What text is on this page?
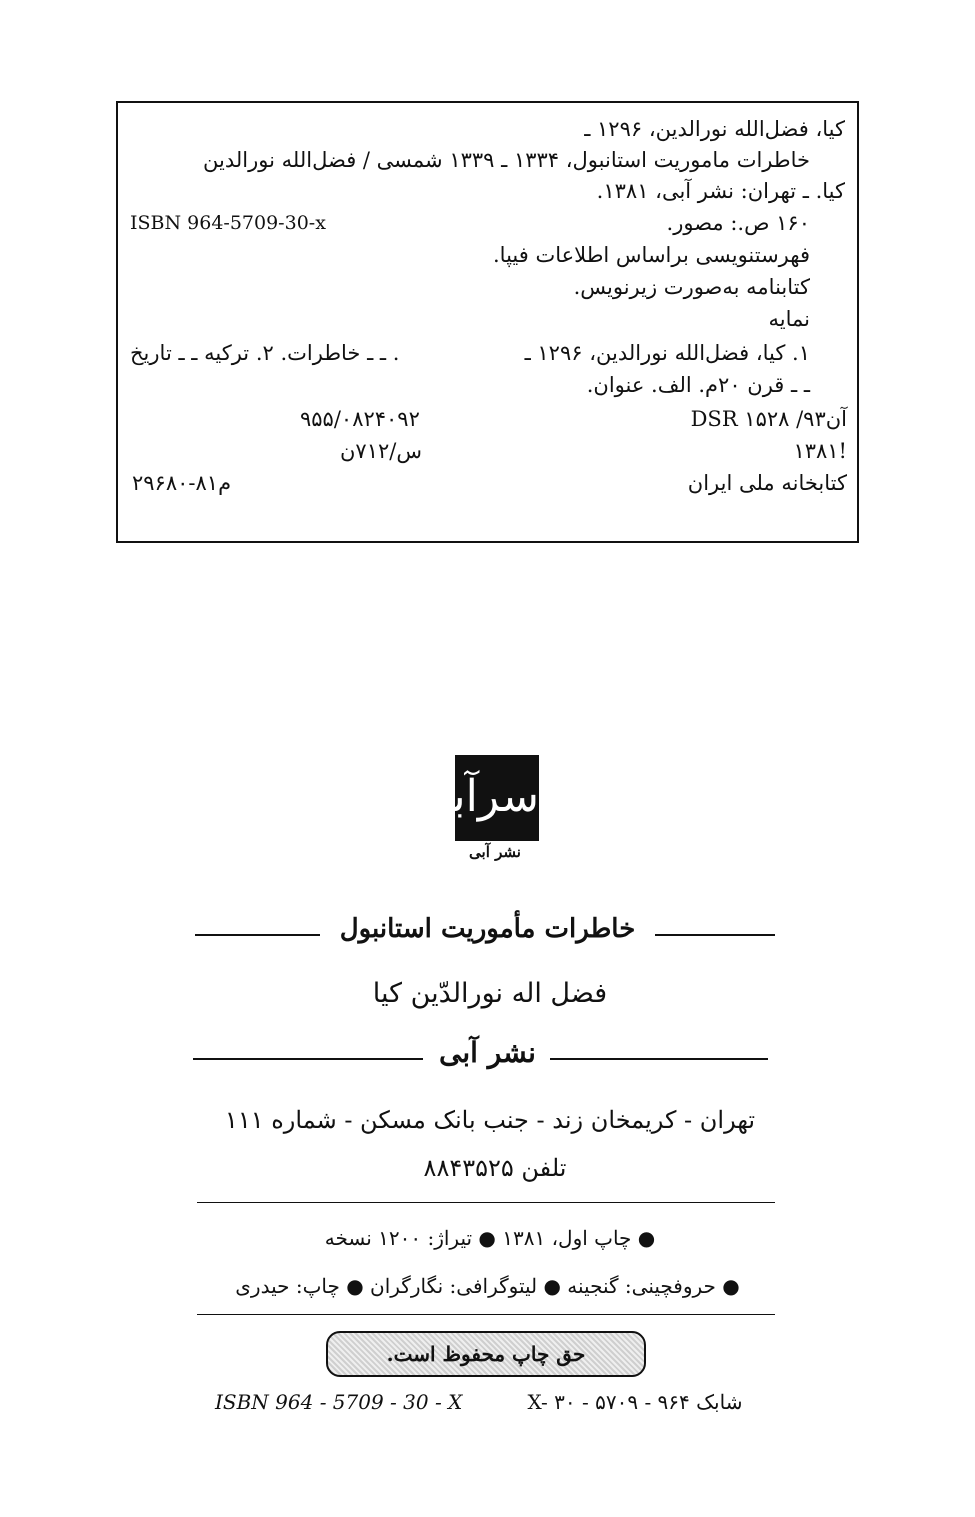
کیا، فضل‌الله نورالدین، ۱۲۹۶ ـ
خاطرات ماموریت استانبول، ۱۳۳۴ ـ ۱۳۳۹ شمسی / فضل‌الله نورالدین
کیا. ـ تهران: نشر آبی، ۱۳۸۱.
ISBN 964-5709-30-x	۱۶۰ ص.: مصور.
فهرستنویسی براساس اطلاعات فیپا.
کتابنامه به‌صورت زیرنویس.
نمایه
۱. کیا، فضل‌الله نورالدین، ۱۲۹۶ ـ
. ـ ـ خاطرات. ۲. ترکیه ـ ـ تاریخ
ـ ـ قرن ۲۰م. الف. عنوان.
DSR ۱۵۲۸ /۹آن۳
۹۵۵/۰۸۲۴۰۹۲
۱۳۸۱!
س/۷۱۲ن
کتابخانه ملی ایران
م۸۱-۲۹۶۸۰
سرآبی
نشر آبی
خاطرات مأموریت استانبول
فضل اله نورالدّین کیا
نشر آبی
تهران - کریمخان زند - جنب بانک مسکن - شماره ۱۱۱
تلفن ۸۸۴۳۵۲۵
● چاپ اول، ۱۳۸۱ ● تیراژ: ۱۲۰۰ نسخه
● حروفچینی: گنجینه ● لیتوگرافی: نگارگران ● چاپ: حیدری
حق چاپ محفوظ است.
ISBN 964 - 5709 - 30 - X	شابک X- ۳۰ - ۵۷۰۹ - ۹۶۴
